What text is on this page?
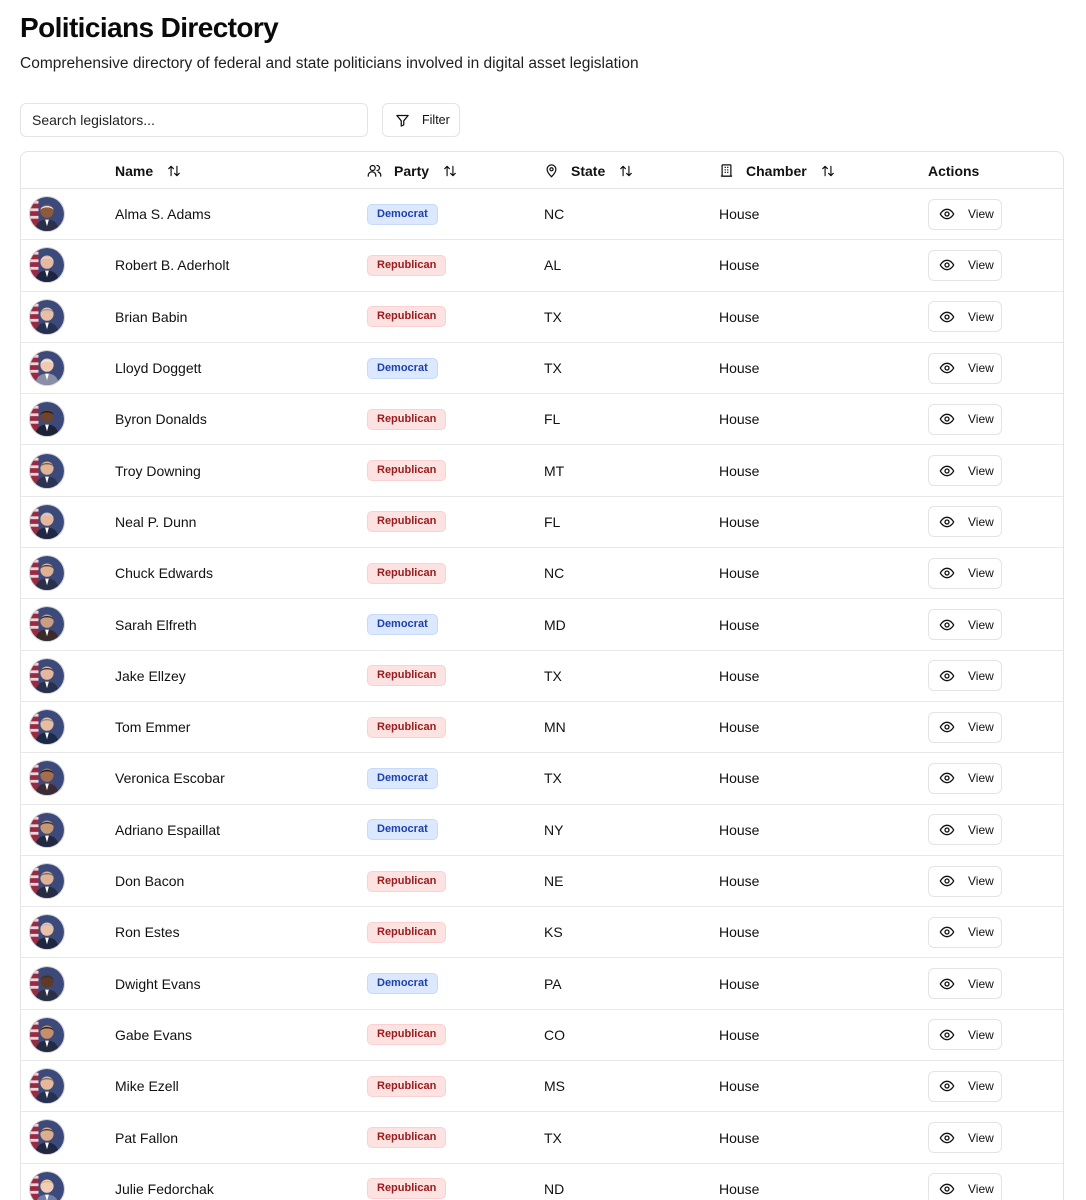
Politicians Directory

Comprehensive directory of federal and state politicians involved in digital asset legislation

Search legislators...
Filter
Name	Party	State	Chamber	Actions
Alma S. Adams	Democrat	NC	House	View
Robert B. Aderholt	Republican	AL	House	View
Brian Babin	Republican	TX	House	View
Lloyd Doggett	Democrat	TX	House	View
Byron Donalds	Republican	FL	House	View
Troy Downing	Republican	MT	House	View
Neal P. Dunn	Republican	FL	House	View
Chuck Edwards	Republican	NC	House	View
Sarah Elfreth	Democrat	MD	House	View
Jake Ellzey	Republican	TX	House	View
Tom Emmer	Republican	MN	House	View
Veronica Escobar	Democrat	TX	House	View
Adriano Espaillat	Democrat	NY	House	View
Don Bacon	Republican	NE	House	View
Ron Estes	Republican	KS	House	View
Dwight Evans	Democrat	PA	House	View
Gabe Evans	Republican	CO	House	View
Mike Ezell	Republican	MS	House	View
Pat Fallon	Republican	TX	House	View
Julie Fedorchak	Republican	ND	House	View
